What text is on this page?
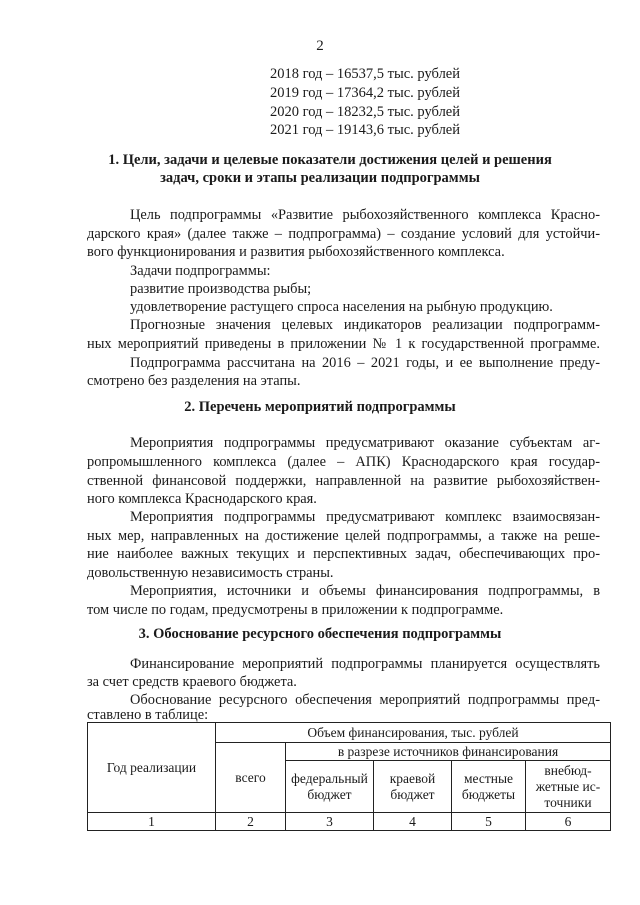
2
2018 год – 16537,5 тыс. рублей
2019 год – 17364,2 тыс. рублей
2020 год – 18232,5 тыс. рублей
2021 год – 19143,6 тыс. рублей
1. Цели, задачи и целевые показатели достижения целей и решения
задач, сроки и этапы реализации подпрограммы
Цель подпрограммы «Развитие рыбохозяйственного комплекса Красно-
дарского края» (далее также – подпрограмма) – создание условий для устойчи-
вого функционирования и развития рыбохозяйственного комплекса.
Задачи подпрограммы:
развитие производства рыбы;
удовлетворение растущего спроса населения на рыбную продукцию.
Прогнозные значения целевых индикаторов реализации подпрограмм-
ных мероприятий приведены в приложении № 1 к государственной программе.
Подпрограмма рассчитана на 2016 – 2021 годы, и ее выполнение преду-
смотрено без разделения на этапы.
2. Перечень мероприятий подпрограммы
Мероприятия подпрограммы предусматривают оказание субъектам аг-
ропромышленного комплекса (далее – АПК) Краснодарского края государ-
ственной финансовой поддержки, направленной на развитие рыбохозяйствен-
ного комплекса Краснодарского края.
Мероприятия подпрограммы предусматривают комплекс взаимосвязан-
ных мер, направленных на достижение целей подпрограммы, а также на реше-
ние наиболее важных текущих и перспективных задач, обеспечивающих про-
довольственную независимость страны.
Мероприятия, источники и объемы финансирования подпрограммы, в
том числе по годам, предусмотрены в приложении к подпрограмме.
3. Обоснование ресурсного обеспечения подпрограммы
Финансирование мероприятий подпрограммы планируется осуществлять
за счет средств краевого бюджета.
Обоснование ресурсного обеспечения мероприятий подпрограммы пред-
ставлено в таблице:
Год реализации	Объем финансирования, тыс. рублей				
	всего	в разрезе источников финансирования			
		федеральный бюджет	краевой бюджет	местные бюджеты	внебюд-жетные ис-точники
1	2	3	4	5	6
